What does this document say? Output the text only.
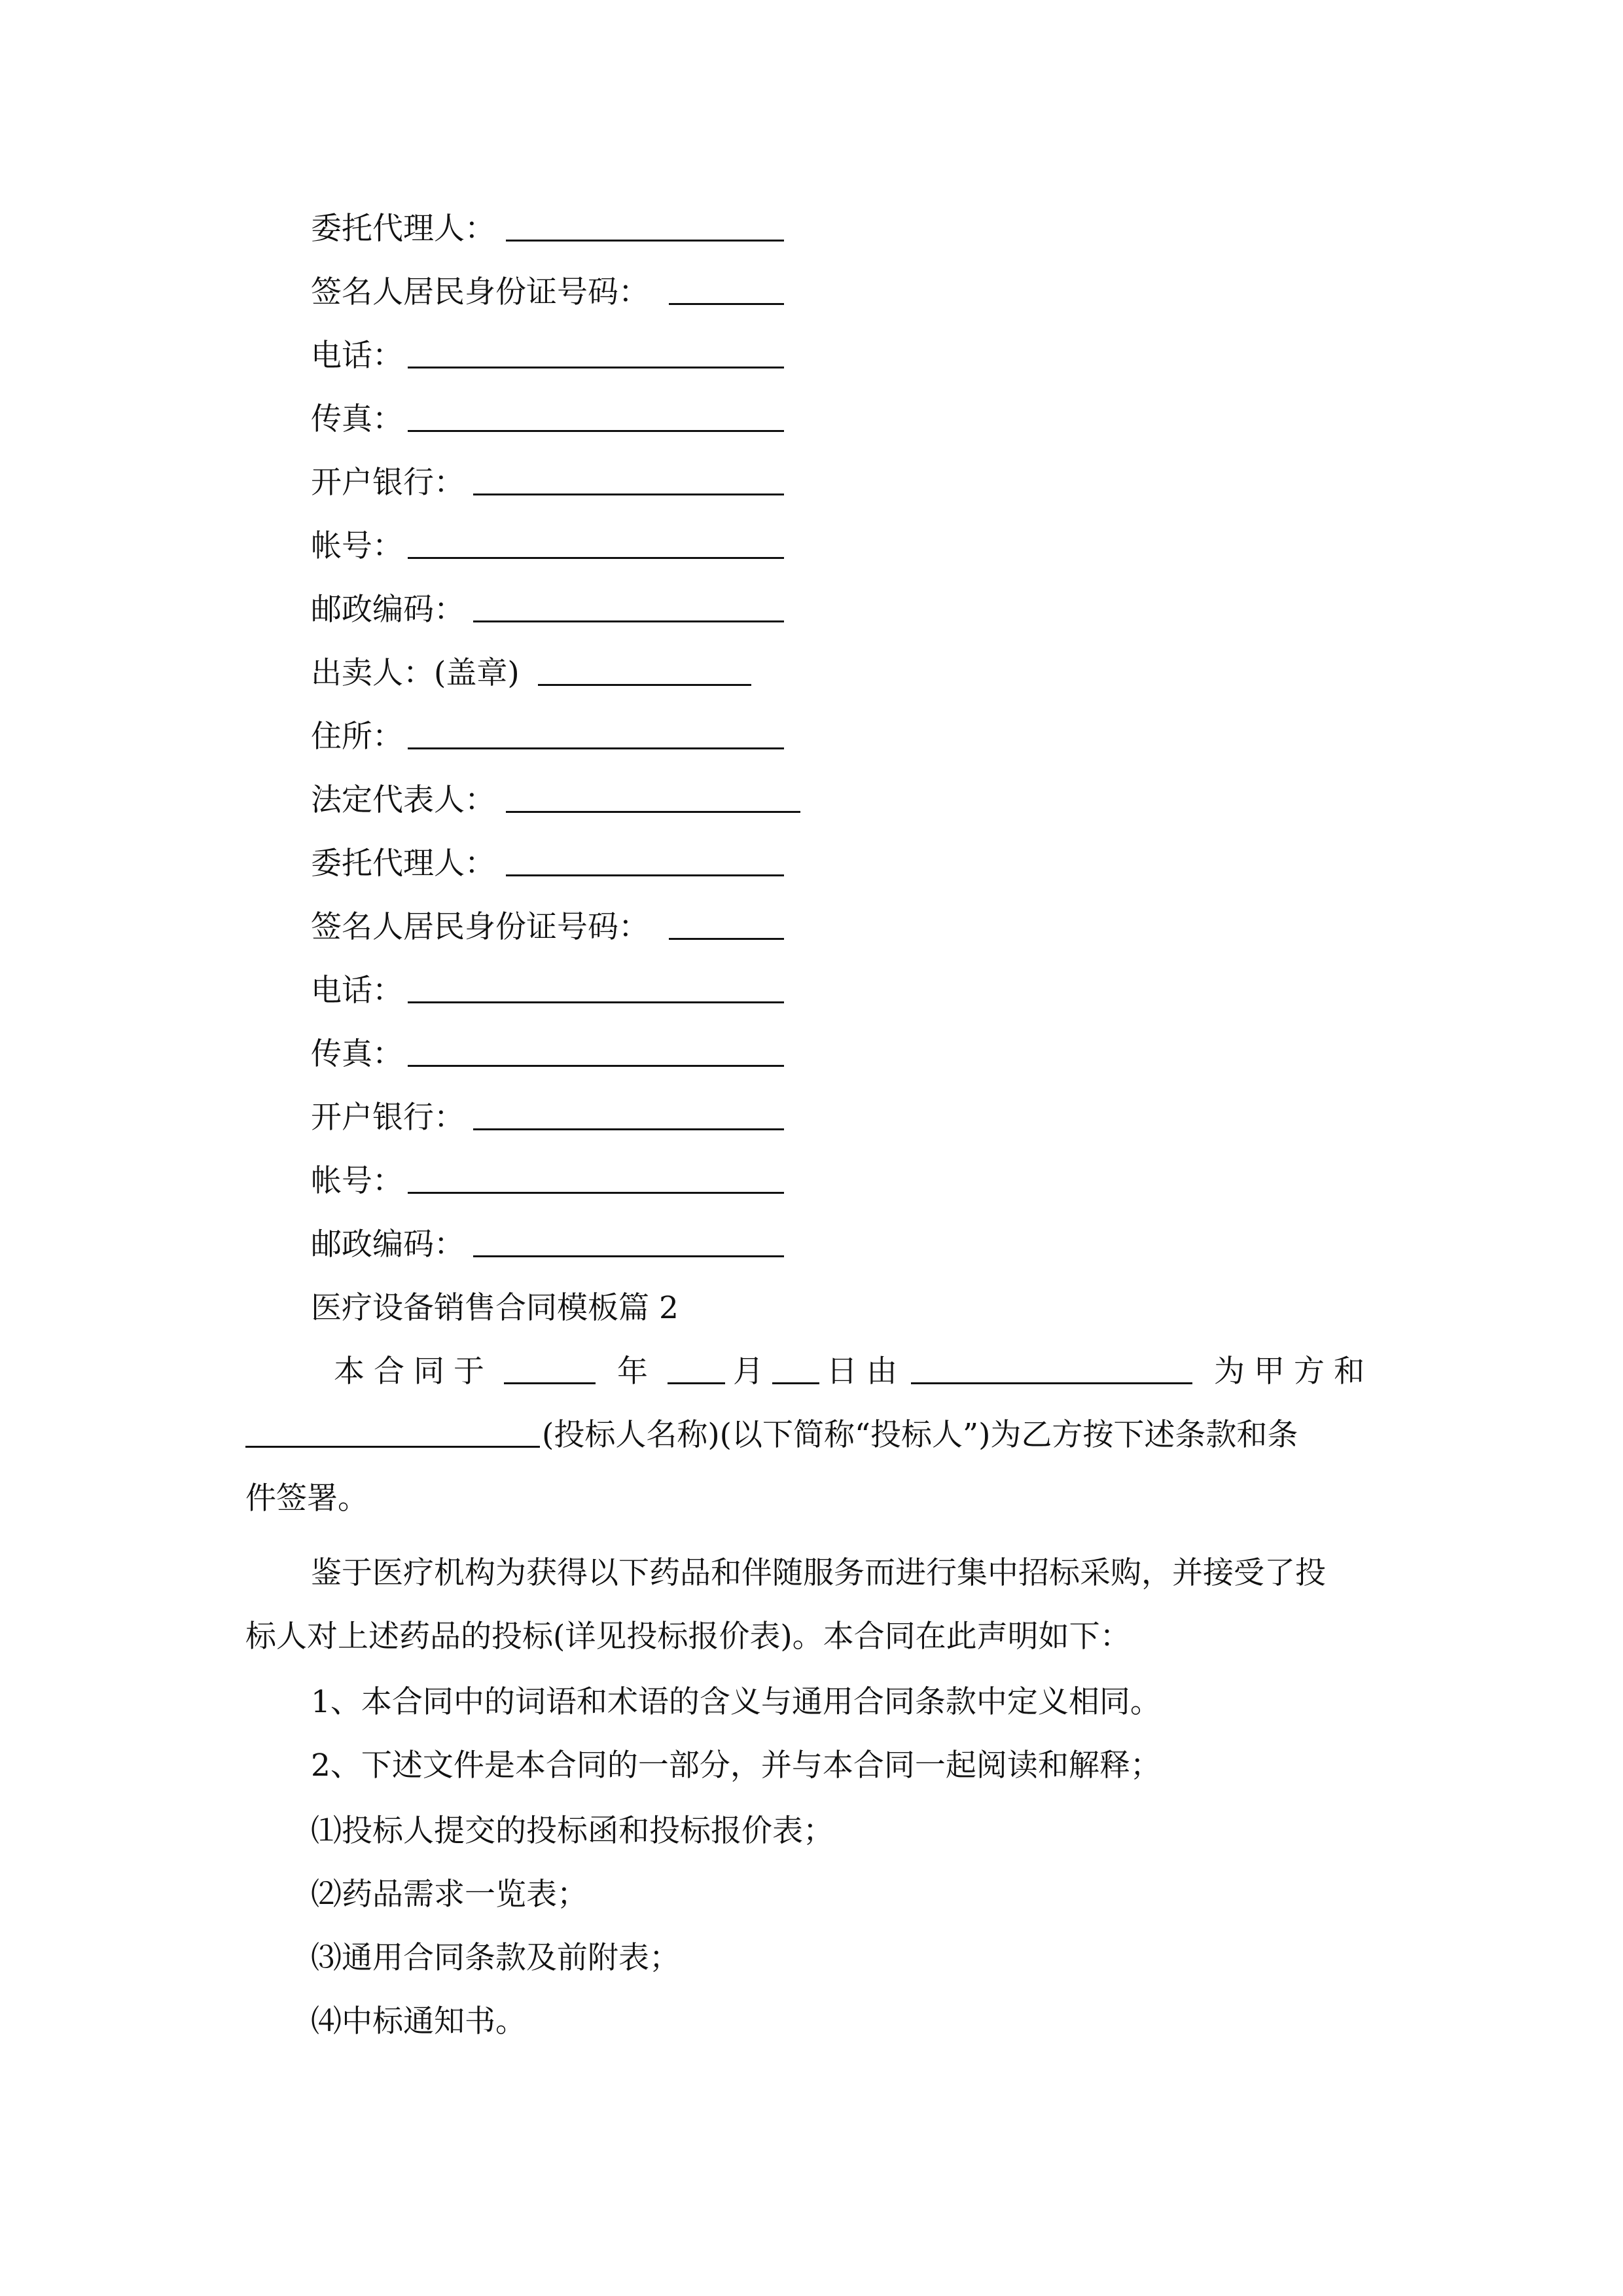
委托代理人：
签名人居民身份证号码：
电话：
传真：
开户银行：
帐号：
邮政编码：
出卖人：(盖章)
住所：
法定代表人：
委托代理人：
签名人居民身份证号码：
电话：
传真：
开户银行：
帐号：
邮政编码：
医疗设备销售合同模板篇 2
本合同于	年	月 日由	为甲方和
(投标人名称)(以下简称“投标人”)为乙方按下述条款和条
件签署。
鉴于医疗机构为获得以下药品和伴随服务而进行集中招标采购，并接受了投
标人对上述药品的投标(详见投标报价表)。本合同在此声明如下：
1、本合同中的词语和术语的含义与通用合同条款中定义相同。
2、下述文件是本合同的一部分，并与本合同一起阅读和解释；
⑴投标人提交的投标函和投标报价表；
⑵药品需求一览表；
⑶通用合同条款及前附表；
⑷中标通知书。
